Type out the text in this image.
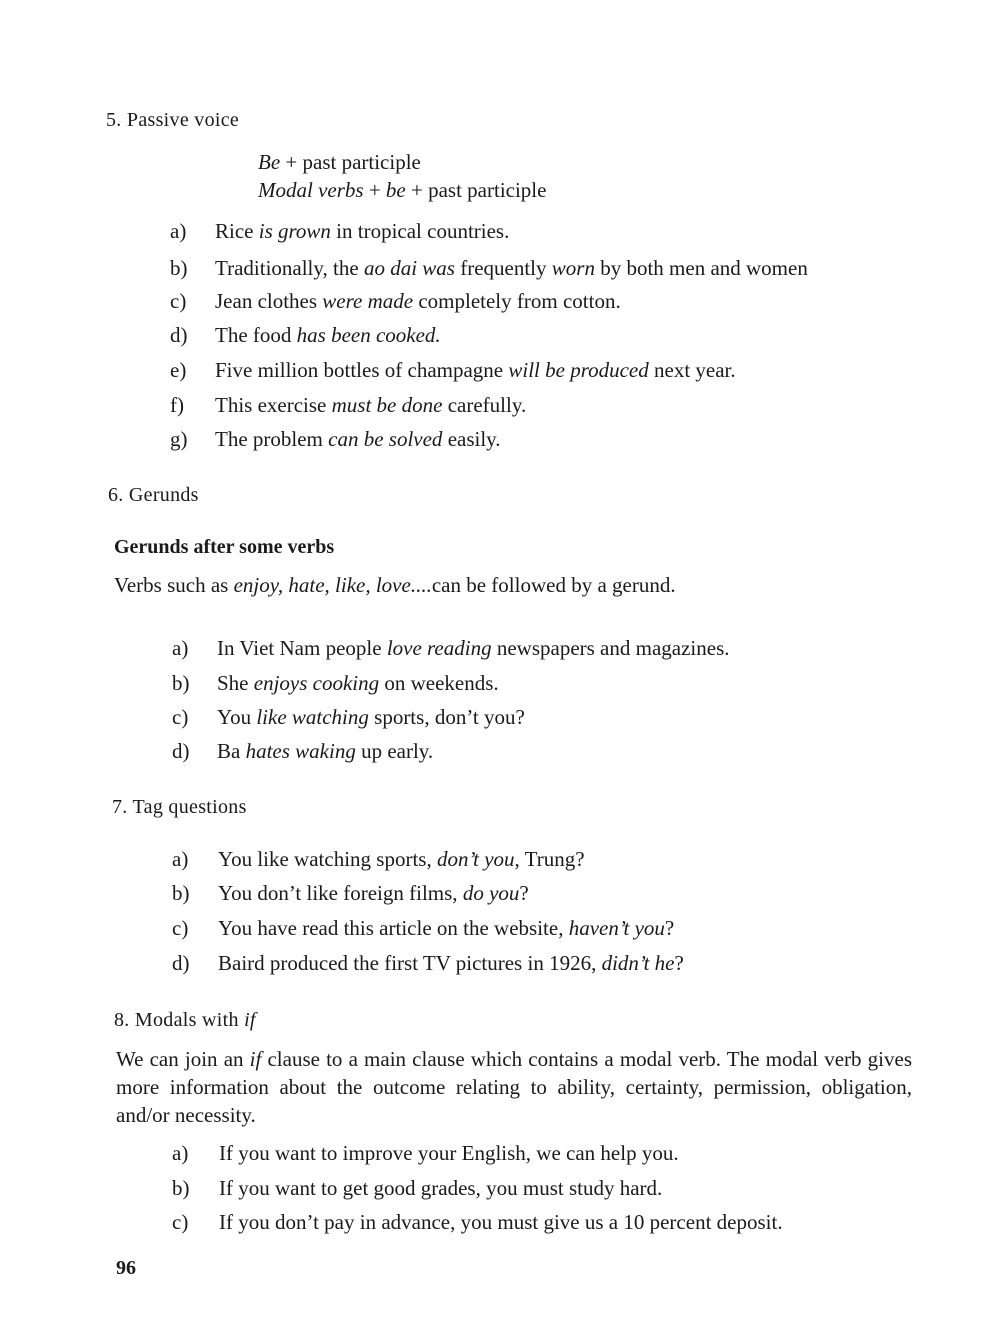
5. Passive voice
Be + past participle
Modal verbs + be + past participle
a) Rice is grown in tropical countries.
b) Traditionally, the ao dai was frequently worn by both men and women
c) Jean clothes were made completely from cotton.
d) The food has been cooked.
e) Five million bottles of champagne will be produced next year.
f) This exercise must be done carefully.
g) The problem can be solved easily.
6. Gerunds
Gerunds after some verbs
Verbs such as enjoy, hate, like, love....can be followed by a gerund.
a) In Viet Nam people love reading newspapers and magazines.
b) She enjoys cooking on weekends.
c) You like watching sports, don’t you?
d) Ba hates waking up early.
7. Tag questions
a) You like watching sports, don’t you, Trung?
b) You don’t like foreign films, do you?
c) You have read this article on the website, haven’t you?
d) Baird produced the first TV pictures in 1926, didn’t he?
8. Modals with if
We can join an if clause to a main clause which contains a modal verb. The modal verb gives more information about the outcome relating to ability, certainty, permission, obligation, and/or necessity.
a) If you want to improve your English, we can help you.
b) If you want to get good grades, you must study hard.
c) If you don’t pay in advance, you must give us a 10 percent deposit.
96
